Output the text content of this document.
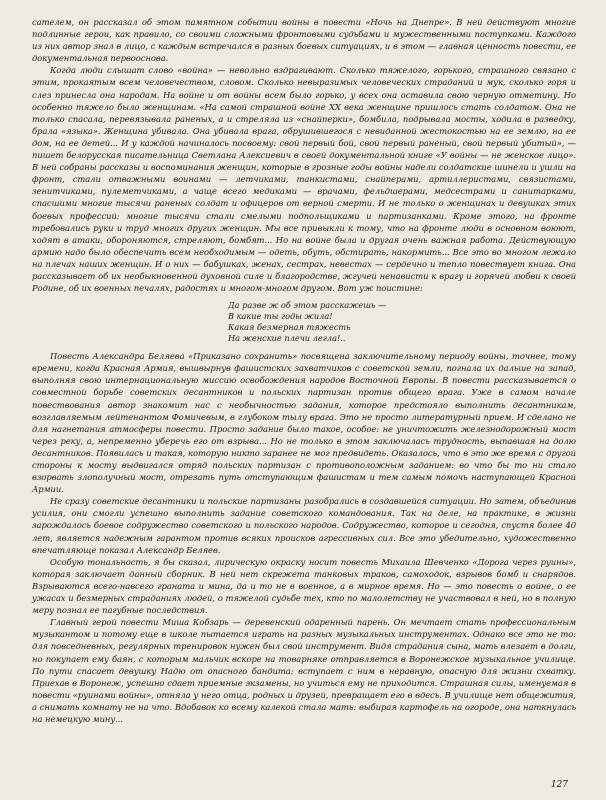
сателем, он рассказал об этом памятном событии войны в повести «Ночь на Днепре». В ней действуют многие подлинные герои, как правило, со своими сложными фронтовыми судьбами и мужественными поступками. Каждого из них автор знал в лицо, с каждым встречался в разных боевых ситуациях, и в этом — главная ценность повести, ее документальная первооснова.

Когда люди слышат слово «война» — невольно вздрагивают. Сколько тяжелого, горького, страшного связано с этим, прокаятым всем человечеством, словом. Сколько невыразимых человеческих страданий и мук, сколько горя и слез принесла она народам. На войне и от войны всем было горько, у всех она оставила свою черную отметину. Но особенно тяжело было женщинам. «На самой страшной войне XX века женщине пришлось стать солдатом. Она не только спасала, перевязывала раненых, а и стреляла из «снайперки», бомбила, подрывала мосты, ходила в разведку, брала «языка». Женщина убивала. Она убивала врага, обрушившегося с невиданной жестокостью на ее землю, на ее дом, на ее детей... И у каждой начиналось посвоему: свой первый бой, свой первый раненый, свой первый убитый», — пишет белорусская писательница Светлана Алексиевич в своей документальной книге «У войны — не женское лицо». В ней собраны рассказы и воспоминания женщин, которые в грозные годы войны надели солдатские шинели и ушли на фронт, стали отважными воинами — летчиками, танкистами, снайперами, артиллеристами, связистами, зенитчиками, пулеметчиками, а чаще всего медиками — врачами, фельдшерами, медсестрами и санитарками, спасшими многие тысячи раненых солдат и офицеров от верной смерти. И не только о женщинах и девушках этих боевых профессий: многие тысячи стали смелыми подпольщиками и партизанками. Кроме этого, на фронте требовались руки и труд многих других женщин. Мы все привыкли к тому, что на фронте люди в основном воюют, ходят в атаки, обороняются, стреляют, бомбят... Но на войне была и другая очень важная работа. Действующую армию надо было обеспечить всем необходимым — одеть, обуть, обстирать, накормить... Все это во многом лежало на плечах наших женщин. И о них — бабушках, женах, сестрах, невестах — сердечно и тепло повествует книга. Она рассказывает об их необыкновенной духовной силе и благородстве, жгучей ненависти к врагу и горячей любви к своей Родине, об их военных печалях, радостях и многом-многом другом. Вот уж поистине:

Да разве ж об этом расскажешь —
В какие ты годы жила!
Какая безмерная тяжесть
На женские плечи легла!..

Повесть Александра Беляева «Приказано сохранить» посвящена заключительному периоду войны, точнее, тому времени, когда Красная Армия, вышвырнув фашистских захватчиков с советской земли, погнала их дальше на запад, выполняя свою интернациональную миссию освобождения народов Восточной Европы. В повести рассказывается о совместной борьбе советских десантников и польских партизан против общего врага. Уже в самом начале повествования автор знакомит нас с необычностью задания, которое предстояло выполнить десантникам, возглавляемым лейтенантом Фомичевым, в глубоком тылу врага. Это не просто литературный прием. И сделано не для нагнетания атмосферы повести. Просто задание было такое, особое: не уничтожить железнодорожный мост через реку, а, непременно уберечь его от взрыва... Но не только в этом заключалась трудность, выпавшая на долю десантников. Появилась и такая, которую никто заранее не мог предвидеть. Оказалось, что в это же время с другой стороны к мосту выдвигался отряд польских партизан с противоположным заданием: во что бы то ни стало взорвать злополучный мост, отрезать путь отступающим фашистам и тем самым помочь наступающей Красной Армии.

Не сразу советские десантники и польские партизаны разобрались в создавшейся ситуации. Но затем, объединив усилия, они смогли успешно выполнить задание советского командования. Так на деле, на практике, в жизни зарождалось боевое содружество советского и польского народов. Содружество, которое и сегодня, спустя более 40 лет, является надежным гарантом против всяких происков агрессивных сил. Все это убедительно, художественно впечатляюще показал Александр Беляев.

Особую тональность, я бы сказал, лирическую окраску носит повесть Михаила Шевченко «Дорога через руины», которая заключает данный сборник. В ней нет скрежета танковых траков, самоходок, взрывов бомб и снарядов. Взрываются всего-навсего граната и мина, да и то не в военное, а в мирное время. Но — это повесть о войне, о ее ужасах и безмерных страданиях людей, о тяжелой судьбе тех, кто по малолетству не участвовал в ней, но в полную меру познал ее пагубные последствия.

Главный герой повести Миша Кобзарь — деревенский одаренный парень. Он мечтает стать профессиональным музыкантом и потому еще в школе пытается играть на разных музыкальных инструментах. Однако все это не то: для повседневных, регулярных тренировок нужен был свой инструмент. Видя страдания сына, мать влезает в долги, но покупает ему баян, с которым мальчик вскоре на товарняке отправляется в Воронежское музыкальное училище. По пути спасает девушку Надю от опасного бандита: вступает с ним в неравную, опасную для жизни схватку. Приехав в Воронеж, успешно сдает приемные экзамены, но учиться ему не приходится. Страшная силы, именуемая в повести «руинами войны», отняла у него отца, родных и друзей, превращает его в вдесь. В училище нет общежития, а снимать комнату не на что. Вдобавок ко всему калекой стала мать: выбирая картофель на огороде, она наткнулась на немецкую мину...

127
